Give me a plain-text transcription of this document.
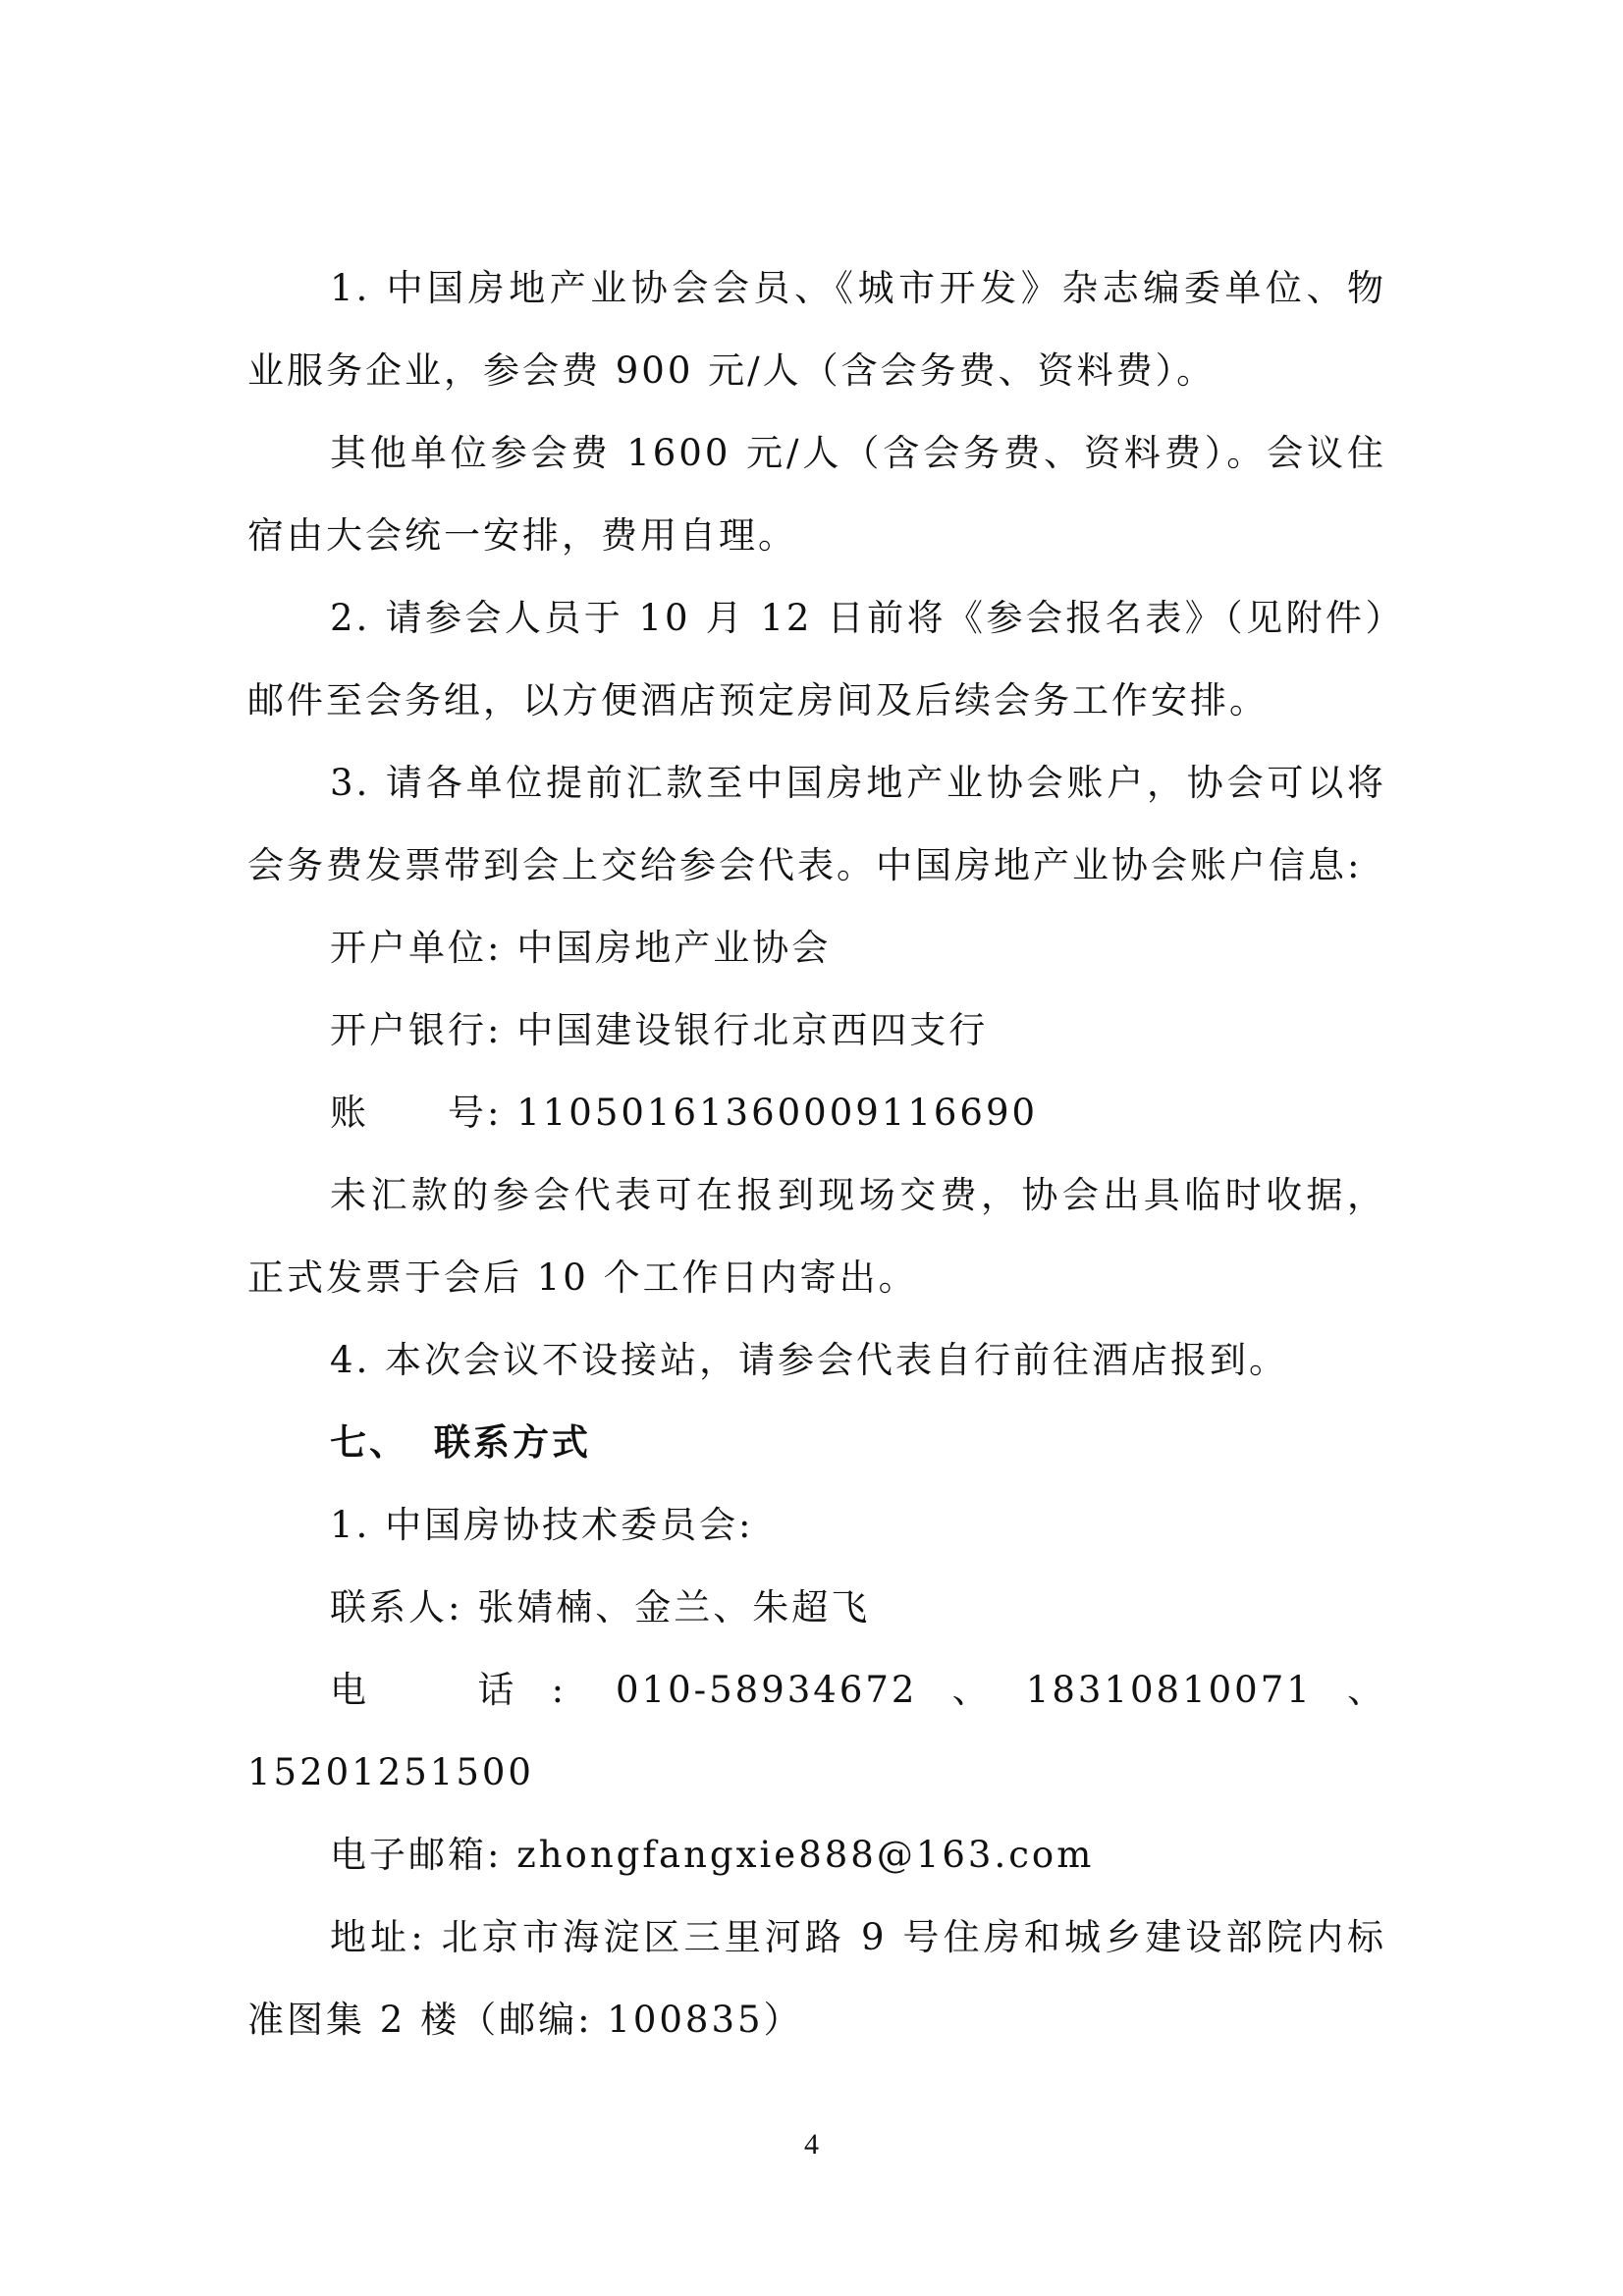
1. 中国房地产业协会会员、《城市开发》杂志编委单位、物业服务企业，参会费 900 元/人（含会务费、资料费）。

其他单位参会费 1600 元/人（含会务费、资料费）。会议住宿由大会统一安排，费用自理。

2. 请参会人员于 10 月 12 日前将《参会报名表》（见附件）邮件至会务组，以方便酒店预定房间及后续会务工作安排。

3. 请各单位提前汇款至中国房地产业协会账户，协会可以将会务费发票带到会上交给参会代表。中国房地产业协会账户信息:

开户单位: 中国房地产业协会

开户银行: 中国建设银行北京西四支行

账　　号: 11050161360009116690

未汇款的参会代表可在报到现场交费，协会出具临时收据，正式发票于会后 10 个工作日内寄出。

4. 本次会议不设接站，请参会代表自行前往酒店报到。

七、 联系方式

1. 中国房协技术委员会:

联系人: 张婧楠、金兰、朱超飞

电　话: 010-58934672、18310810071、15201251500

电子邮箱: zhongfangxie888@163.com

地址: 北京市海淀区三里河路 9 号住房和城乡建设部院内标准图集 2 楼（邮编: 100835）

4
